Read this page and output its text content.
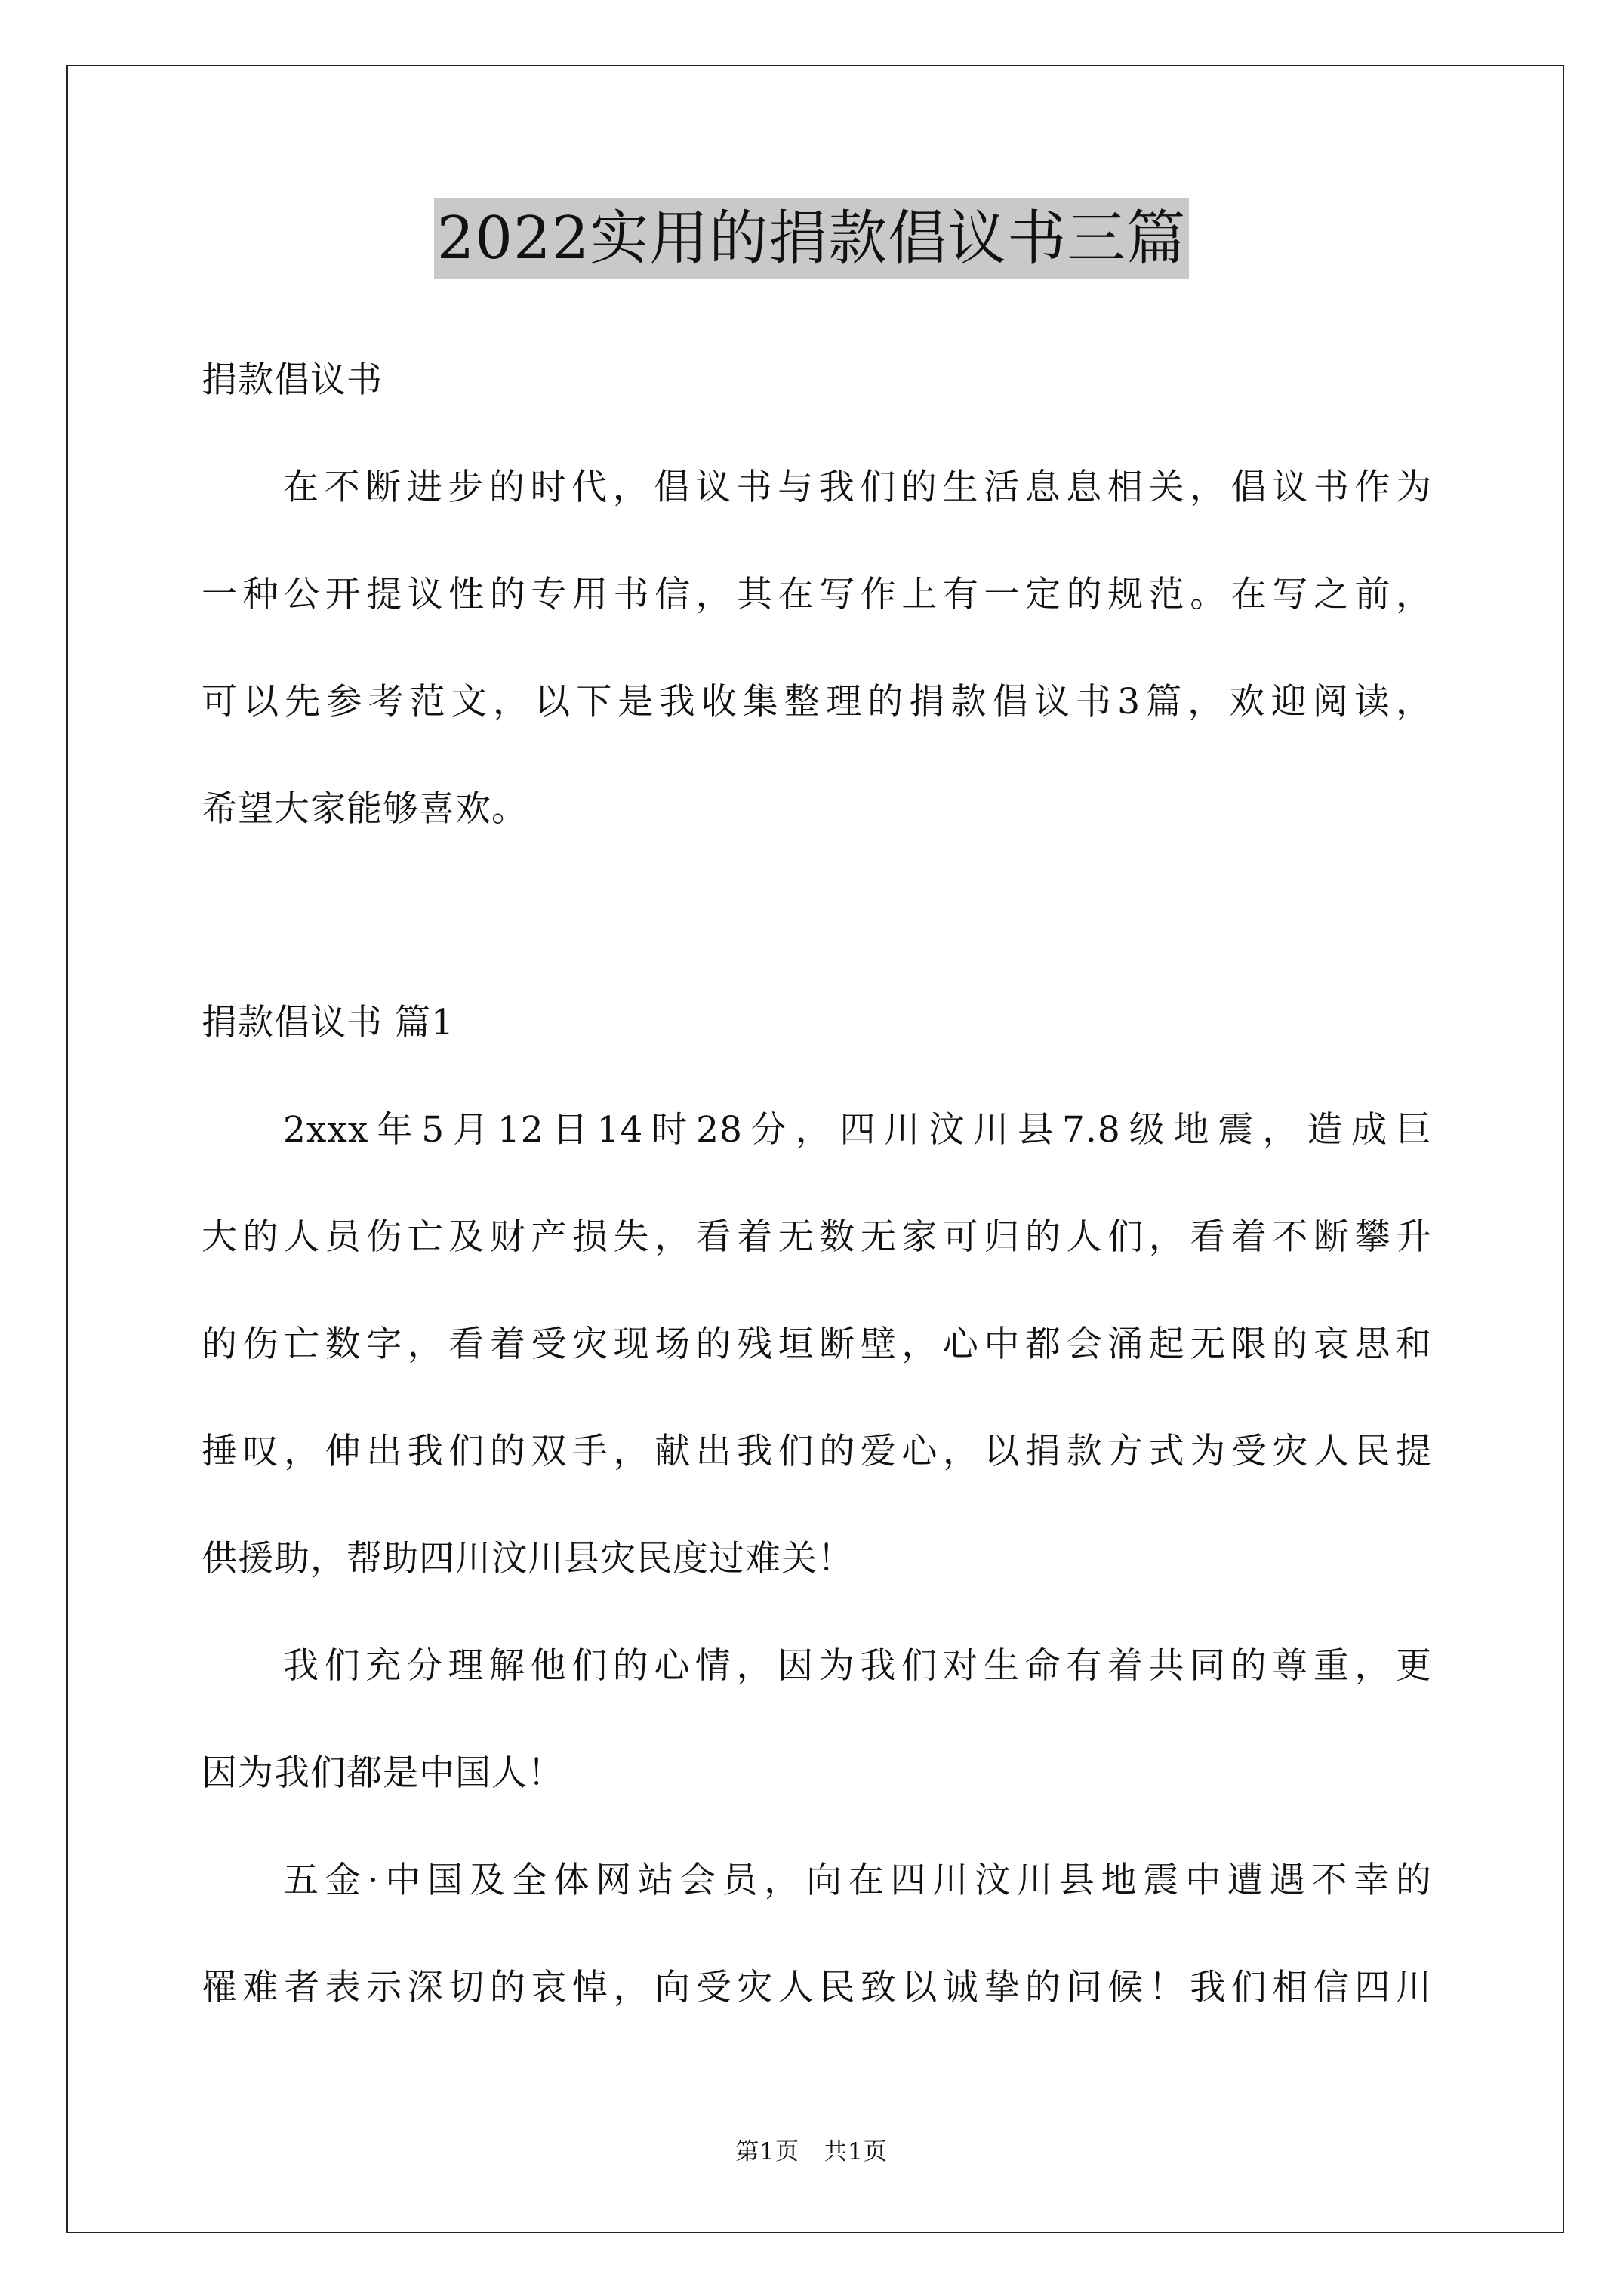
2022实用的捐款倡议书三篇
捐款倡议书
在不断进步的时代，倡议书与我们的生活息息相关，倡议书作为
一种公开提议性的专用书信，其在写作上有一定的规范。在写之前，
可以先参考范文，以下是我收集整理的捐款倡议书3篇，欢迎阅读，
希望大家能够喜欢。
捐款倡议书 篇1
2xxx年5月12日14时28分，四川汶川县7.8级地震，造成巨
大的人员伤亡及财产损失，看着无数无家可归的人们，看着不断攀升
的伤亡数字，看着受灾现场的残垣断壁，心中都会涌起无限的哀思和
捶叹，伸出我们的双手，献出我们的爱心，以捐款方式为受灾人民提
供援助，帮助四川汶川县灾民度过难关！
我们充分理解他们的心情，因为我们对生命有着共同的尊重，更
因为我们都是中国人！
五金·中国及全体网站会员，向在四川汶川县地震中遭遇不幸的
罹难者表示深切的哀悼，向受灾人民致以诚挚的问候！我们相信四川
第1页　共1页
